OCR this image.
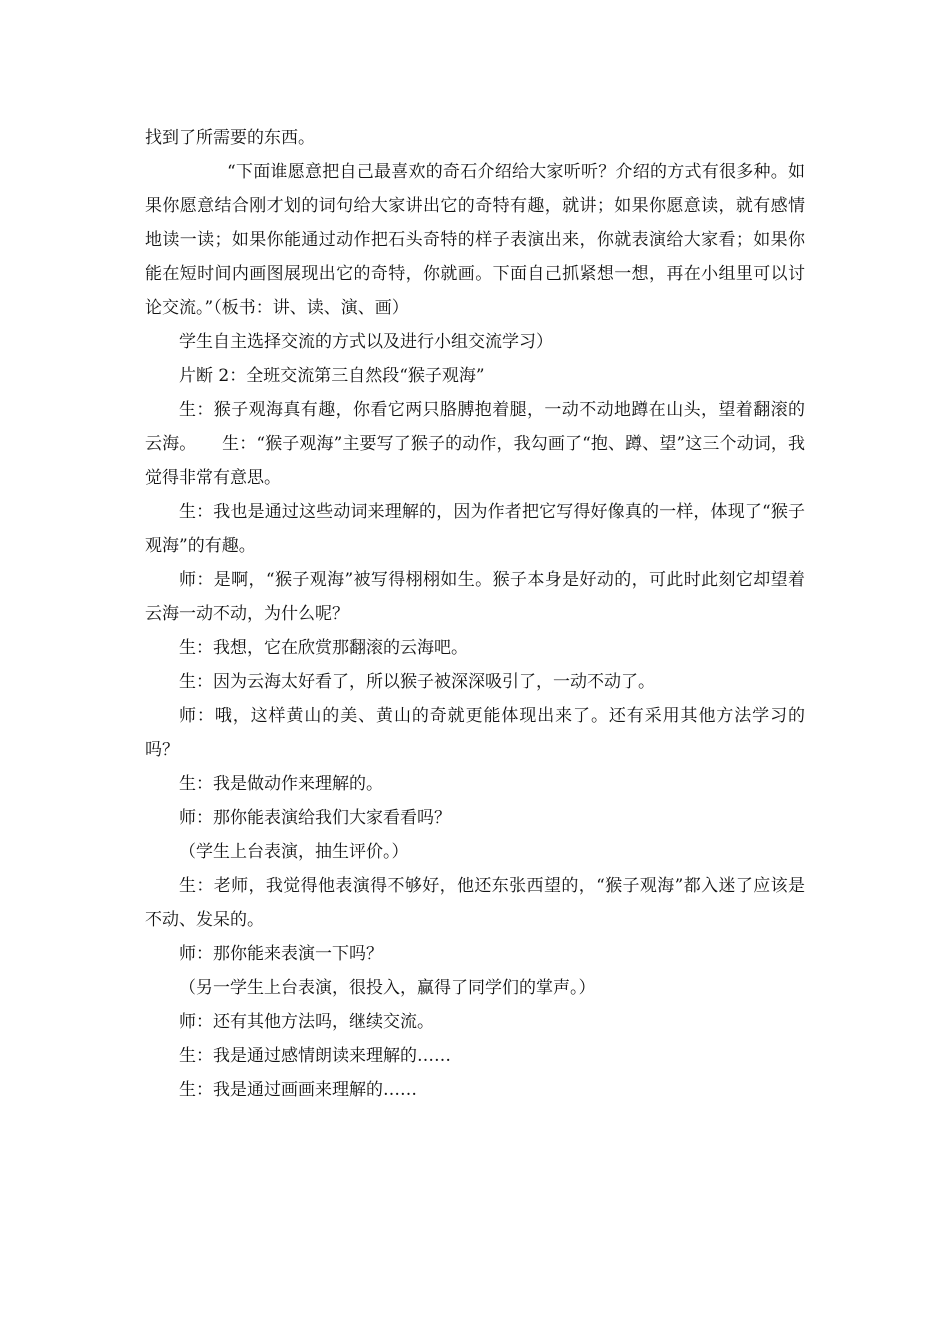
找到了所需要的东西。

“下面谁愿意把自己最喜欢的奇石介绍给大家听听？介绍的方式有很多种。如果你愿意结合刚才划的词句给大家讲出它的奇特有趣，就讲；如果你愿意读，就有感情地读一读；如果你能通过动作把石头奇特的样子表演出来，你就表演给大家看；如果你能在短时间内画图展现出它的奇特，你就画。下面自己抓紧想一想，再在小组里可以讨论交流。”（板书：讲、读、演、画）

学生自主选择交流的方式以及进行小组交流学习）

片断 2：全班交流第三自然段“猴子观海”

生：猴子观海真有趣，你看它两只胳膊抱着腿，一动不动地蹲在山头，望着翻滚的云海。　　生：“猴子观海”主要写了猴子的动作，我勾画了“抱、蹲、望”这三个动词，我觉得非常有意思。

生：我也是通过这些动词来理解的，因为作者把它写得好像真的一样，体现了“猴子观海”的有趣。

师：是啊，“猴子观海”被写得栩栩如生。猴子本身是好动的，可此时此刻它却望着云海一动不动，为什么呢？

生：我想，它在欣赏那翻滚的云海吧。

生：因为云海太好看了，所以猴子被深深吸引了，一动不动了。

师：哦，这样黄山的美、黄山的奇就更能体现出来了。还有采用其他方法学习的吗？

生：我是做动作来理解的。

师：那你能表演给我们大家看看吗？

（学生上台表演，抽生评价。）

生：老师，我觉得他表演得不够好，他还东张西望的，“猴子观海”都入迷了应该是不动、发呆的。

师：那你能来表演一下吗？

（另一学生上台表演，很投入，赢得了同学们的掌声。）

师：还有其他方法吗，继续交流。

生：我是通过感情朗读来理解的……

生：我是通过画画来理解的……
